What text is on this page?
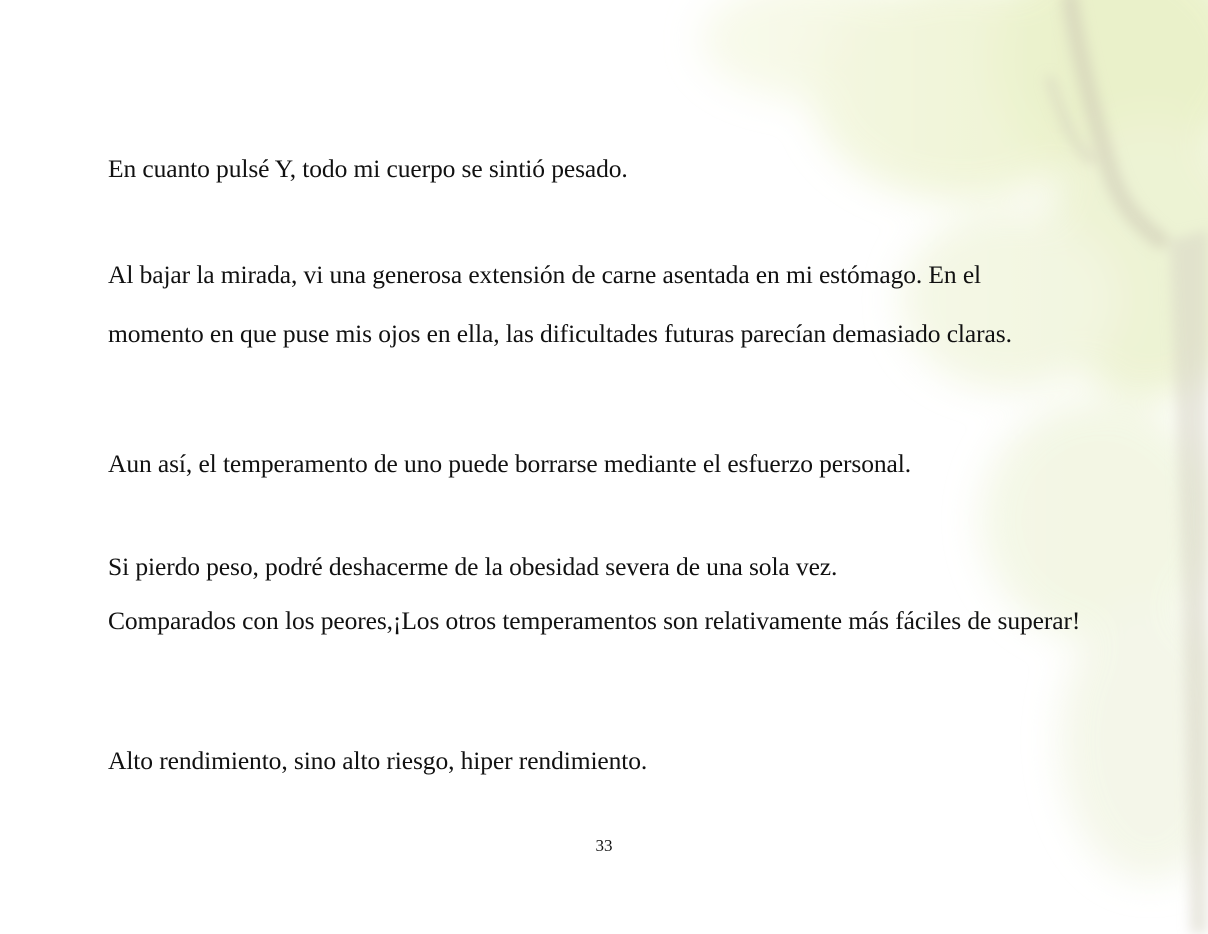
En cuanto pulsé Y, todo mi cuerpo se sintió pesado.
Al bajar la mirada, vi una generosa extensión de carne asentada en mi estómago. En el
momento en que puse mis ojos en ella, las dificultades futuras parecían demasiado claras.
Aun así, el temperamento de uno puede borrarse mediante el esfuerzo personal.
Si pierdo peso, podré deshacerme de la obesidad severa de una sola vez.
Comparados con los peores,¡Los otros temperamentos son relativamente más fáciles de superar!
Alto rendimiento, sino alto riesgo, hiper rendimiento.
33
